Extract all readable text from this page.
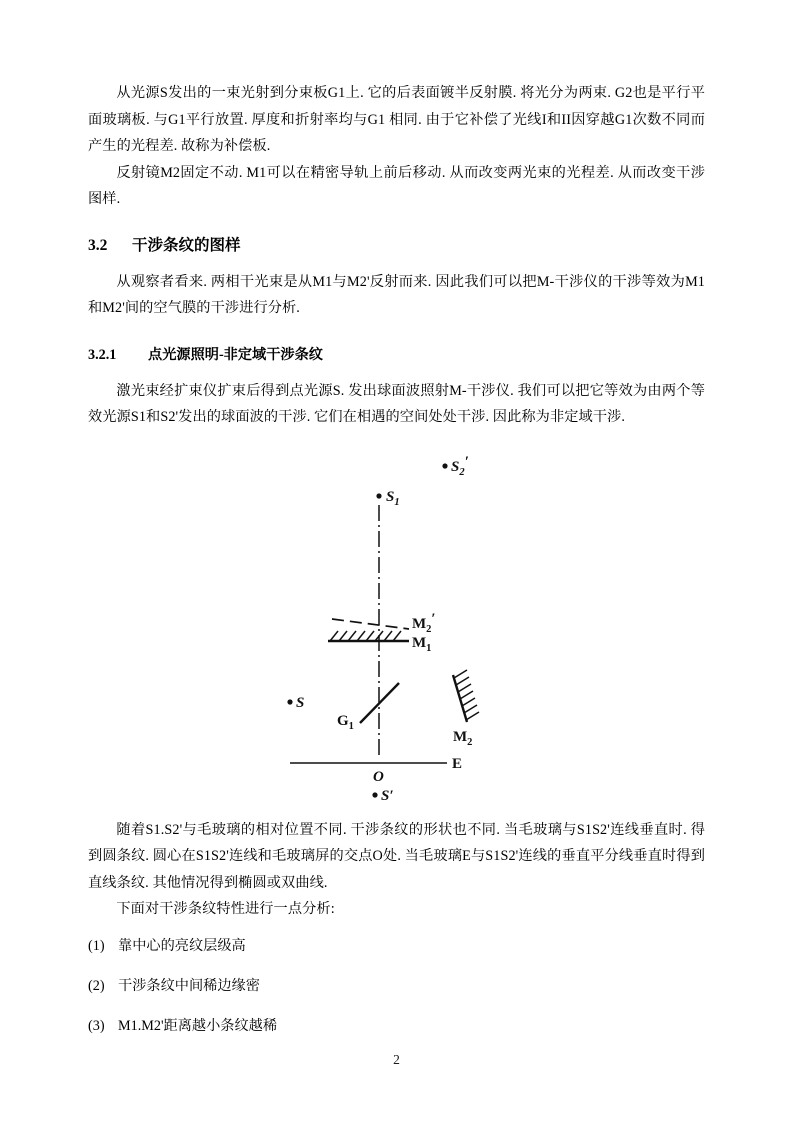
从光源S发出的一束光射到分束板G1上. 它的后表面镀半反射膜. 将光分为两束. G2也是平行平面玻璃板. 与G1平行放置. 厚度和折射率均与G1 相同. 由于它补偿了光线I和II因穿越G1次数不同而产生的光程差. 故称为补偿板.

反射镜M2固定不动. M1可以在精密导轨上前后移动. 从而改变两光束的光程差. 从而改变干涉图样.

3.2 干涉条纹的图样

从观察者看来. 两相干光束是从M1与M2'反射而来. 因此我们可以把M-干涉仪的干涉等效为M1和M2'间的空气膜的干涉进行分析.

3.2.1 点光源照明-非定域干涉条纹

激光束经扩束仪扩束后得到点光源S. 发出球面波照射M-干涉仪. 我们可以把它等效为由两个等效光源S1和S2'发出的球面波的干涉. 它们在相遇的空间处处干涉. 因此称为非定域干涉.

$S_2'$
$S_1$
$M_2'$
$M_1$
S
$G_1$
$M_2$
E
O
S′

随着S1.S2'与毛玻璃的相对位置不同. 干涉条纹的形状也不同. 当毛玻璃与S1S2'连线垂直时. 得到圆条纹. 圆心在S1S2'连线和毛玻璃屏的交点O处. 当毛玻璃E与S1S2'连线的垂直平分线垂直时得到直线条纹. 其他情况得到椭圆或双曲线.

下面对干涉条纹特性进行一点分析:

(1) 靠中心的亮纹层级高
(2) 干涉条纹中间稀边缘密
(3) M1.M2'距离越小条纹越稀
2
